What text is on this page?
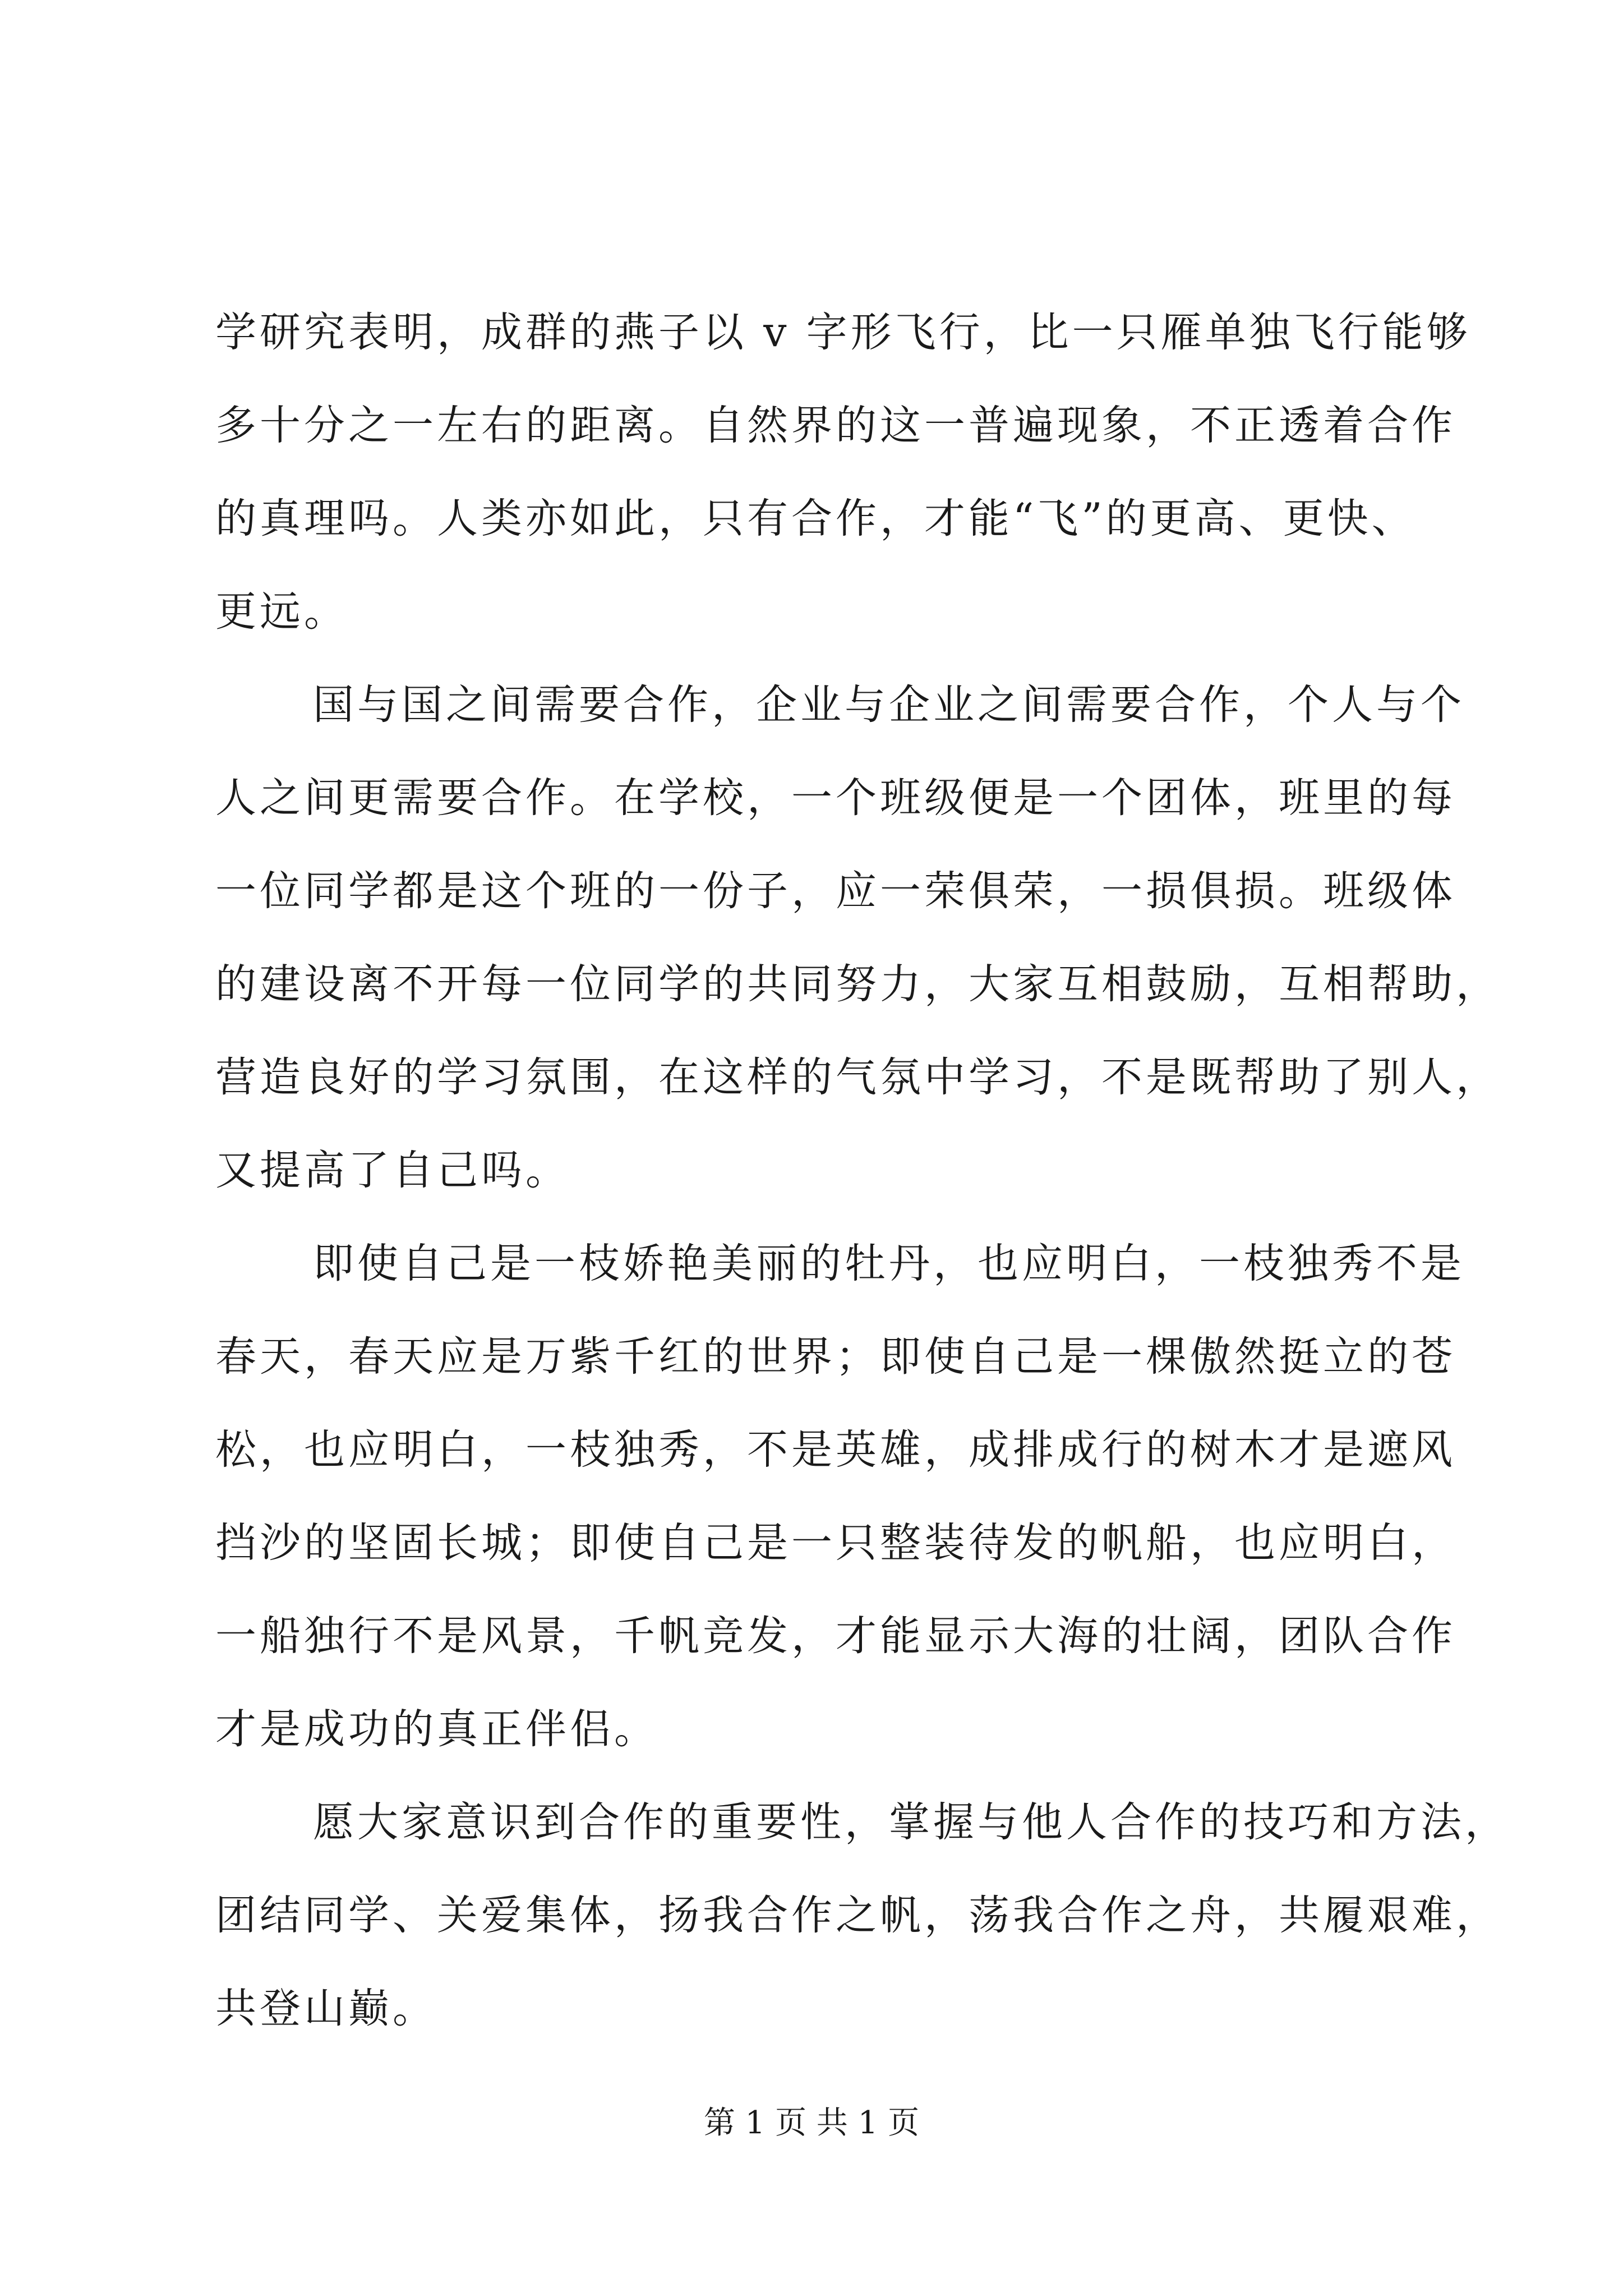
学研究表明，成群的燕子以 v 字形飞行，比一只雁单独飞行能够
多十分之一左右的距离。自然界的这一普遍现象，不正透着合作
的真理吗。人类亦如此，只有合作，才能“飞”的更高、更快、
更远。
国与国之间需要合作，企业与企业之间需要合作，个人与个
人之间更需要合作。在学校，一个班级便是一个团体，班里的每
一位同学都是这个班的一份子，应一荣俱荣，一损俱损。班级体
的建设离不开每一位同学的共同努力，大家互相鼓励，互相帮助，
营造良好的学习氛围，在这样的气氛中学习，不是既帮助了别人，
又提高了自己吗。
即使自己是一枝娇艳美丽的牡丹，也应明白，一枝独秀不是
春天，春天应是万紫千红的世界；即使自己是一棵傲然挺立的苍
松，也应明白，一枝独秀，不是英雄，成排成行的树木才是遮风
挡沙的坚固长城；即使自己是一只整装待发的帆船，也应明白，
一船独行不是风景，千帆竞发，才能显示大海的壮阔，团队合作
才是成功的真正伴侣。
愿大家意识到合作的重要性，掌握与他人合作的技巧和方法，
团结同学、关爱集体，扬我合作之帆，荡我合作之舟，共履艰难，
共登山巅。
第 1 页 共 1 页
